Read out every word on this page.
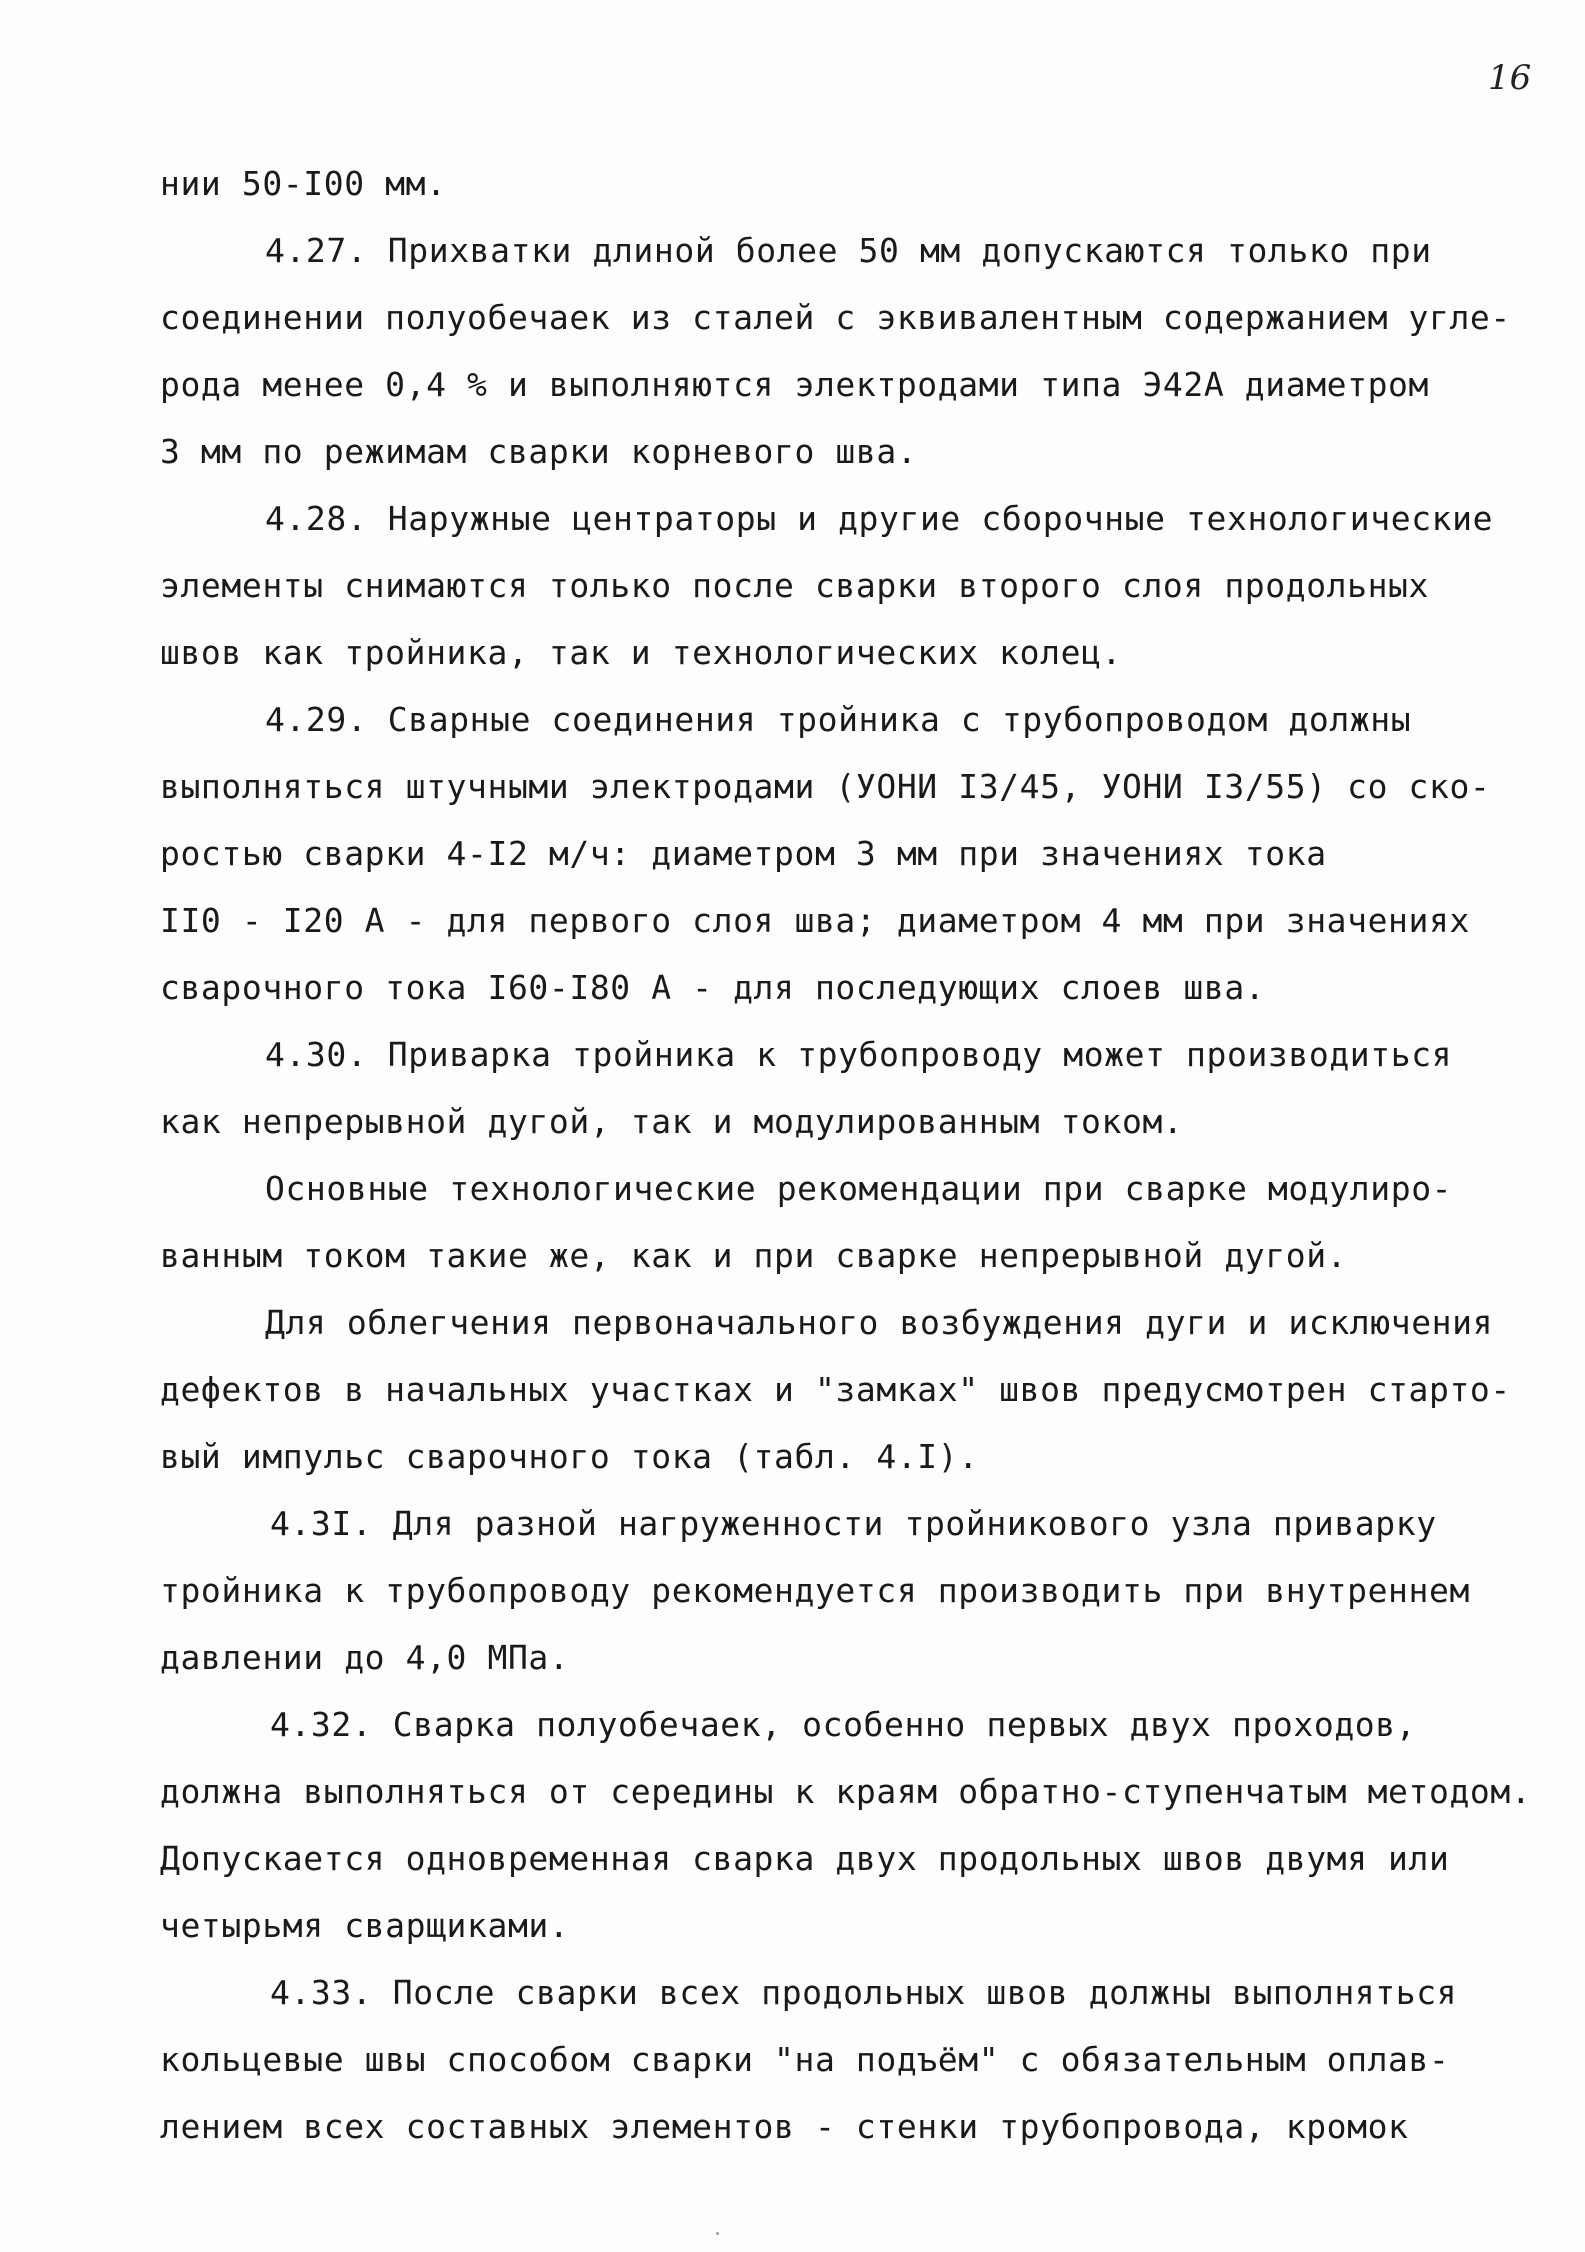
16
нии 50-I00 мм.
4.27. Прихватки длиной более 50 мм допускаются только при
соединении полуобечаек из сталей с эквивалентным содержанием угле-
рода менее 0,4 % и выполняются электродами типа Э42А диаметром
3 мм по режимам сварки корневого шва.
4.28. Наружные центраторы и другие сборочные технологические
элементы снимаются только после сварки второго слоя продольных
швов как тройника, так и технологических колец.
4.29. Сварные соединения тройника с трубопроводом должны
выполняться штучными электродами (УОНИ I3/45, УОНИ I3/55) со ско-
ростью сварки 4-I2 м/ч: диаметром 3 мм при значениях тока
II0 - I20 А - для первого слоя шва; диаметром 4 мм при значениях
сварочного тока I60-I80 А - для последующих слоев шва.
4.30. Приварка тройника к трубопроводу может производиться
как непрерывной дугой, так и модулированным током.
Основные технологические рекомендации при сварке модулиро-
ванным током такие же, как и при сварке непрерывной дугой.
Для облегчения первоначального возбуждения дуги и исключения
дефектов в начальных участках и "замках" швов предусмотрен старто-
вый импульс сварочного тока (табл. 4.I).
4.3I. Для разной нагруженности тройникового узла приварку
тройника к трубопроводу рекомендуется производить при внутреннем
давлении до 4,0 МПа.
4.32. Сварка полуобечаек, особенно первых двух проходов,
должна выполняться от середины к краям обратно-ступенчатым методом.
Допускается одновременная сварка двух продольных швов двумя или
четырьмя сварщиками.
4.33. После сварки всех продольных швов должны выполняться
кольцевые швы способом сварки "на подъём" с обязательным оплав-
лением всех составных элементов - стенки трубопровода, кромок
